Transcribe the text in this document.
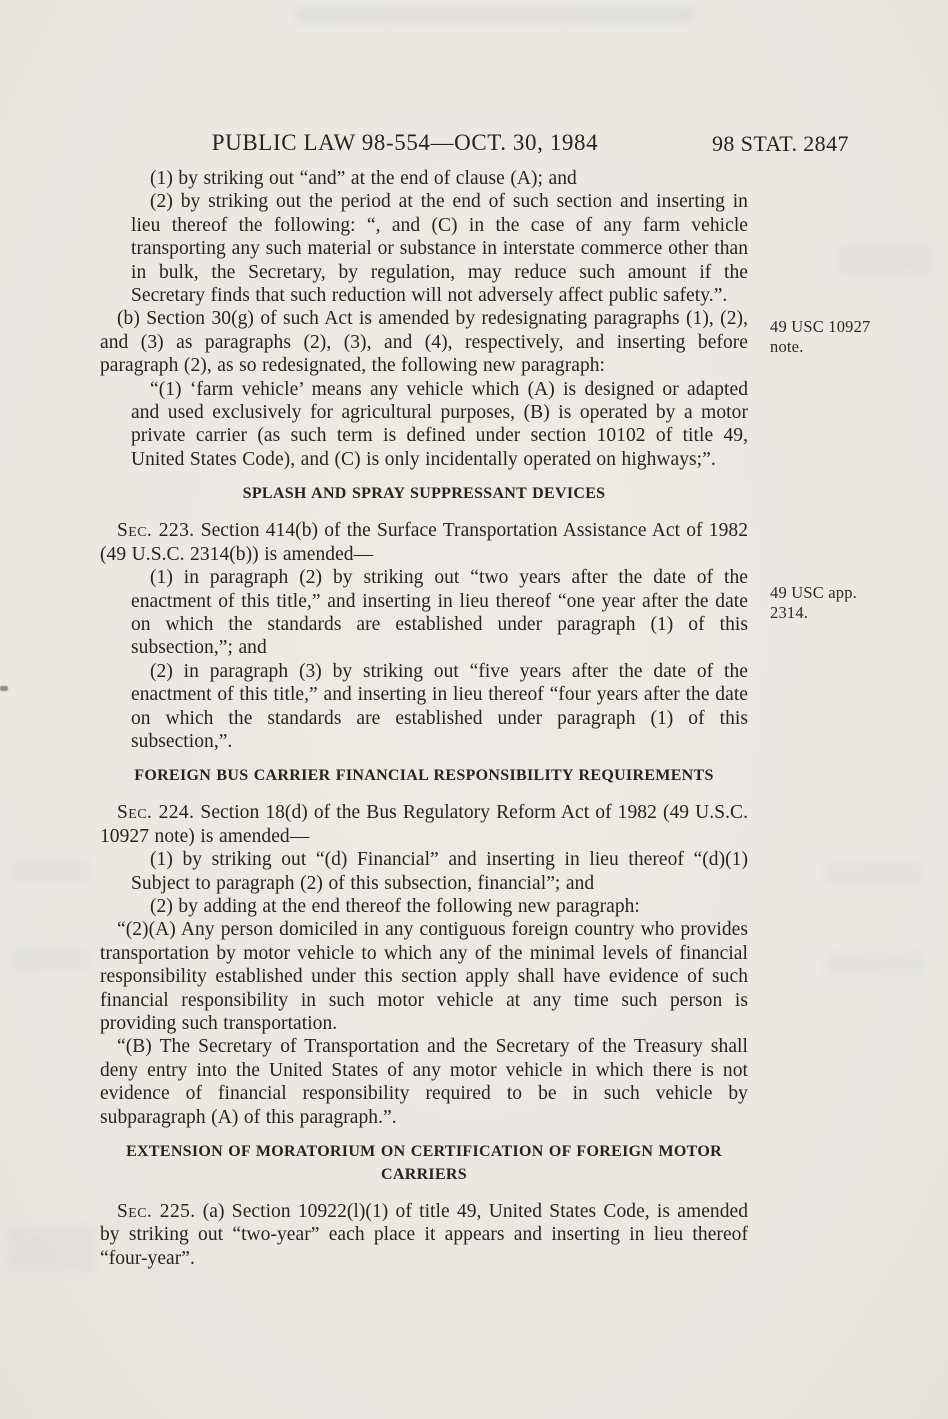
PUBLIC LAW 98-554—OCT. 30, 1984	98 STAT. 2847
49 USC 10927
note.
49 USC app.
2314.

(1) by striking out “and” at the end of clause (A); and

(2) by striking out the period at the end of such section and inserting in lieu thereof the following: “, and (C) in the case of any farm vehicle transporting any such material or substance in interstate commerce other than in bulk, the Secretary, by regulation, may reduce such amount if the Secretary finds that such reduction will not adversely affect public safety.”.

(b) Section 30(g) of such Act is amended by redesignating paragraphs (1), (2), and (3) as paragraphs (2), (3), and (4), respectively, and inserting before paragraph (2), as so redesignated, the following new paragraph:

“(1) ‘farm vehicle’ means any vehicle which (A) is designed or adapted and used exclusively for agricultural purposes, (B) is operated by a motor private carrier (as such term is defined under section 10102 of title 49, United States Code), and (C) is only incidentally operated on highways;”.

SPLASH AND SPRAY SUPPRESSANT DEVICES

Sec. 223. Section 414(b) of the Surface Transportation Assistance Act of 1982 (49 U.S.C. 2314(b)) is amended—

(1) in paragraph (2) by striking out “two years after the date of the enactment of this title,” and inserting in lieu thereof “one year after the date on which the standards are established under paragraph (1) of this subsection,”; and

(2) in paragraph (3) by striking out “five years after the date of the enactment of this title,” and inserting in lieu thereof “four years after the date on which the standards are established under paragraph (1) of this subsection,”.

FOREIGN BUS CARRIER FINANCIAL RESPONSIBILITY REQUIREMENTS

Sec. 224. Section 18(d) of the Bus Regulatory Reform Act of 1982 (49 U.S.C. 10927 note) is amended—

(1) by striking out “(d) Financial” and inserting in lieu thereof “(d)(1) Subject to paragraph (2) of this subsection, financial”; and

(2) by adding at the end thereof the following new paragraph:

“(2)(A) Any person domiciled in any contiguous foreign country who provides transportation by motor vehicle to which any of the minimal levels of financial responsibility established under this section apply shall have evidence of such financial responsibility in such motor vehicle at any time such person is providing such transportation.

“(B) The Secretary of Transportation and the Secretary of the Treasury shall deny entry into the United States of any motor vehicle in which there is not evidence of financial responsibility required to be in such vehicle by subparagraph (A) of this paragraph.”.

EXTENSION OF MORATORIUM ON CERTIFICATION OF FOREIGN MOTOR CARRIERS

Sec. 225. (a) Section 10922(l)(1) of title 49, United States Code, is amended by striking out “two-year” each place it appears and inserting in lieu thereof “four-year”.
